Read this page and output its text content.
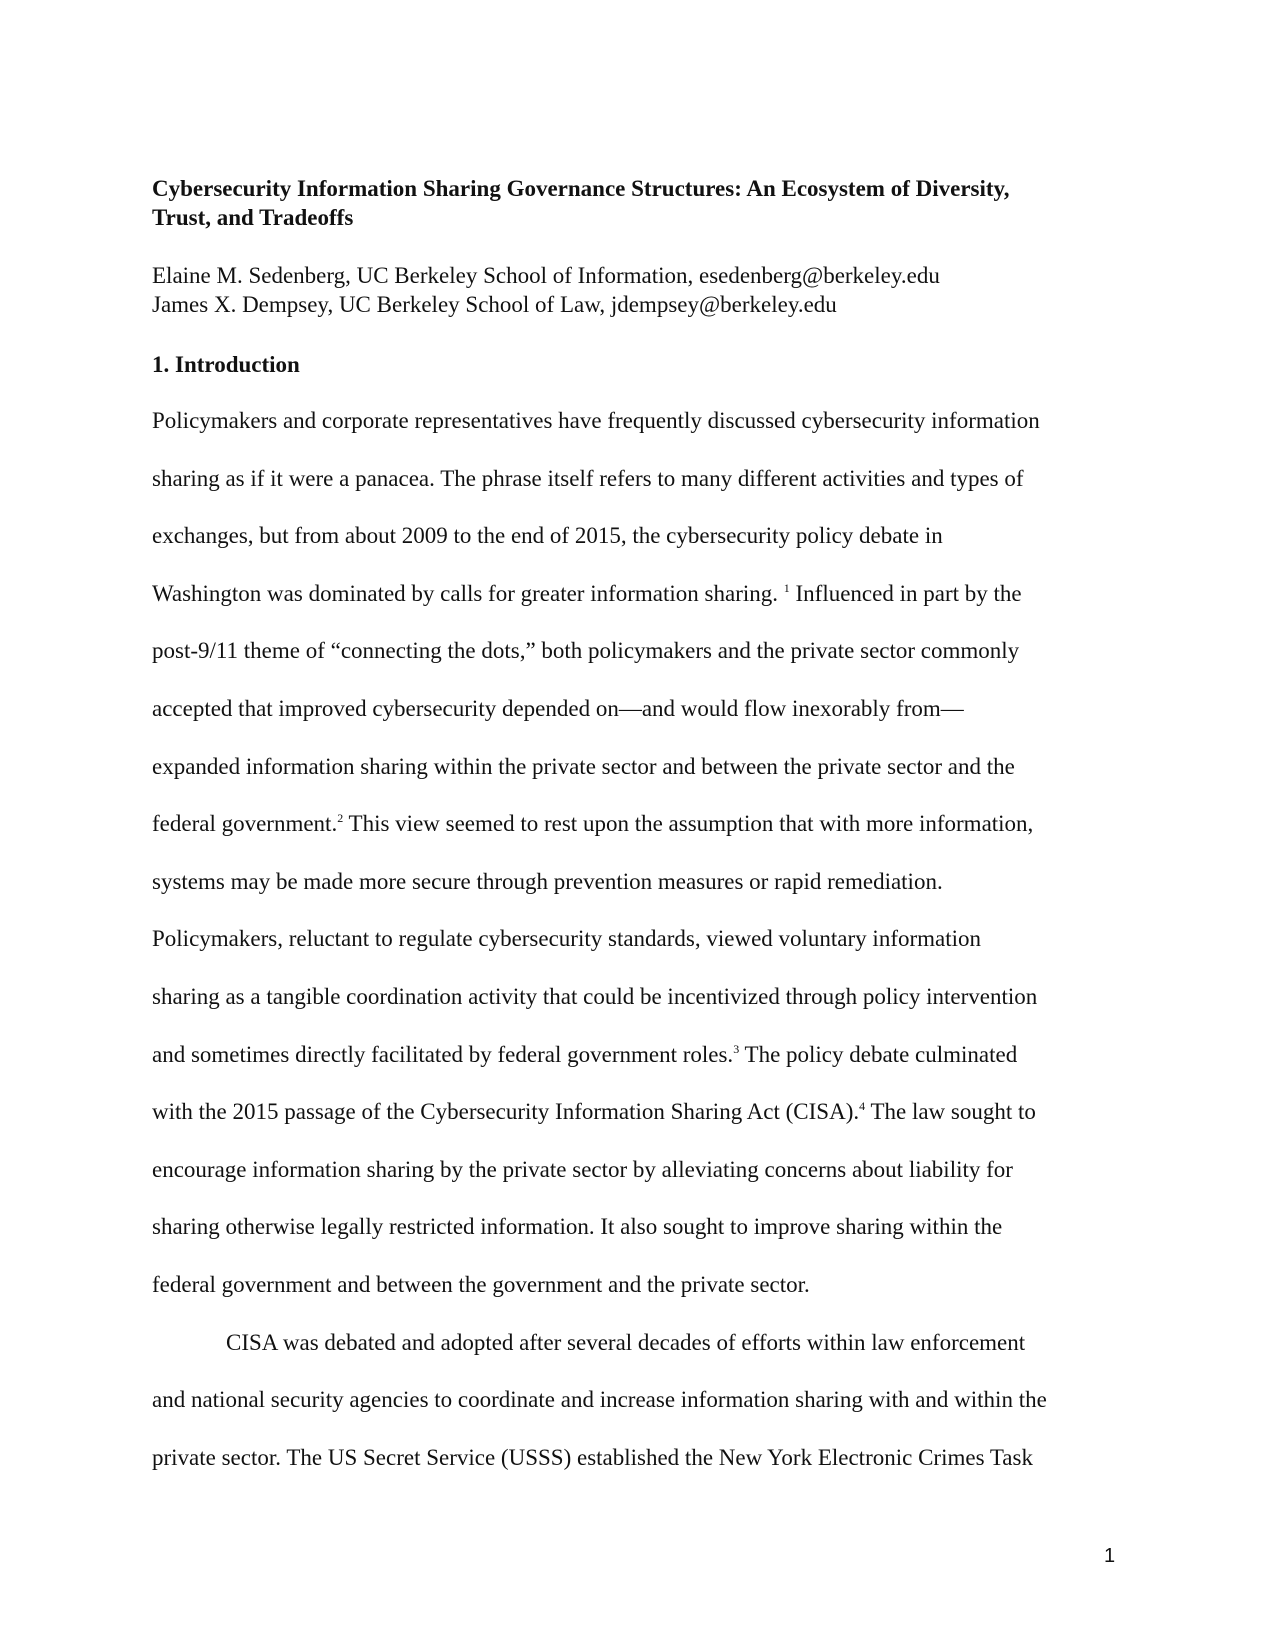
Cybersecurity Information Sharing Governance Structures: An Ecosystem of Diversity,
Trust, and Tradeoffs
Elaine M. Sedenberg, UC Berkeley School of Information, esedenberg@berkeley.edu
James X. Dempsey, UC Berkeley School of Law, jdempsey@berkeley.edu
1. Introduction
Policymakers and corporate representatives have frequently discussed cybersecurity information
sharing as if it were a panacea. The phrase itself refers to many different activities and types of
exchanges, but from about 2009 to the end of 2015, the cybersecurity policy debate in
Washington was dominated by calls for greater information sharing. $^1$ Influenced in part by the
post-9/11 theme of “connecting the dots,” both policymakers and the private sector commonly
accepted that improved cybersecurity depended on—and would flow inexorably from—
expanded information sharing within the private sector and between the private sector and the
federal government.$^2$ This view seemed to rest upon the assumption that with more information,
systems may be made more secure through prevention measures or rapid remediation.
Policymakers, reluctant to regulate cybersecurity standards, viewed voluntary information
sharing as a tangible coordination activity that could be incentivized through policy intervention
and sometimes directly facilitated by federal government roles.$^3$ The policy debate culminated
with the 2015 passage of the Cybersecurity Information Sharing Act (CISA).$^4$ The law sought to
encourage information sharing by the private sector by alleviating concerns about liability for
sharing otherwise legally restricted information. It also sought to improve sharing within the
federal government and between the government and the private sector.
CISA was debated and adopted after several decades of efforts within law enforcement
and national security agencies to coordinate and increase information sharing with and within the
private sector. The US Secret Service (USSS) established the New York Electronic Crimes Task
1
